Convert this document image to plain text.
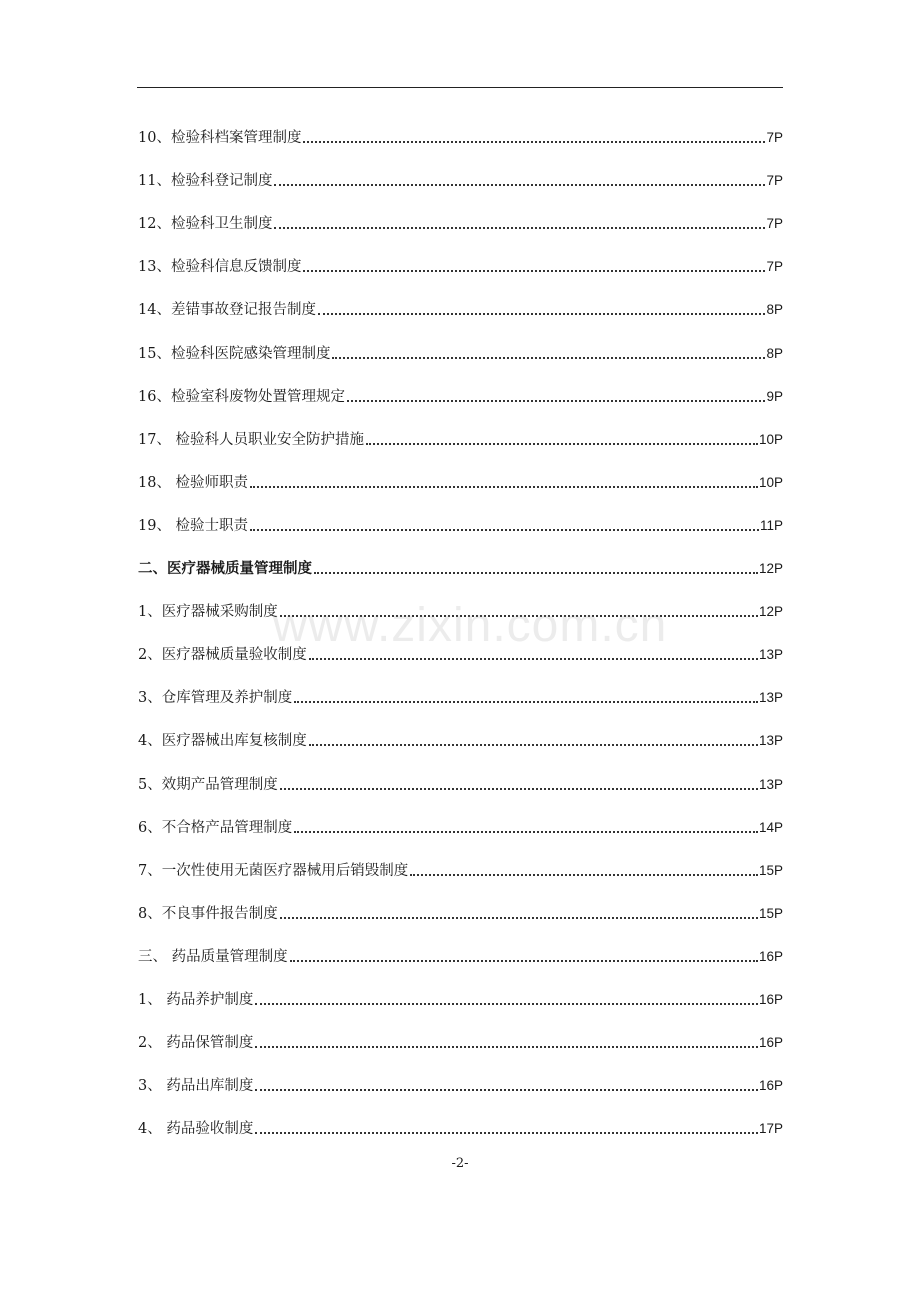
10、检验科档案管理制度	7P
11、检验科登记制度	7P
12、检验科卫生制度	7P
13、检验科信息反馈制度	7P
14、差错事故登记报告制度	8P
15、检验科医院感染管理制度	8P
16、检验室科废物处置管理规定	9P
17、 检验科人员职业安全防护措施	10P
18、 检验师职责	10P
19、 检验士职责	11P
二、医疗器械质量管理制度	12P
1、医疗器械采购制度	12P
2、医疗器械质量验收制度	13P
3、仓库管理及养护制度	13P
4、医疗器械出库复核制度	13P
5、效期产品管理制度	13P
6、不合格产品管理制度	14P
7、一次性使用无菌医疗器械用后销毁制度	15P
8、不良事件报告制度	15P
三、 药品质量管理制度	16P
1、 药品养护制度	16P
2、 药品保管制度	16P
3、 药品出库制度	16P
4、 药品验收制度	17P
www.zixin.com.cn
-2-
